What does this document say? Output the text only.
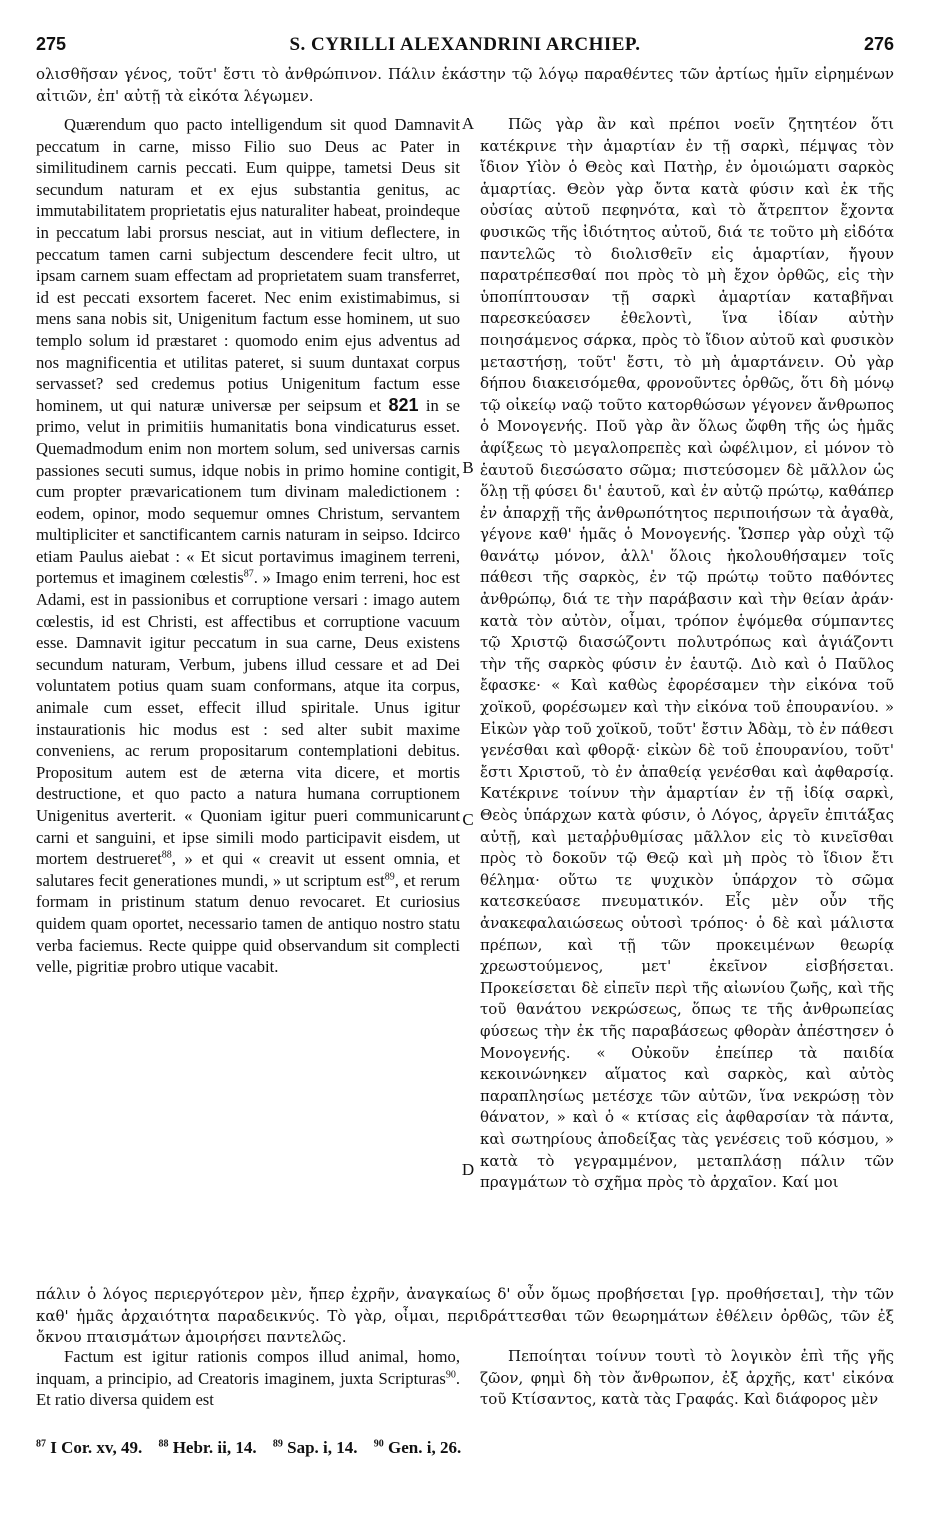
275	S. CYRILLI ALEXANDRINI ARCHIEP.	276
ολισθῆσαν γένος, τοῦτ' ἔστι τὸ ἀνθρώπινον. Πάλιν ἑκάστην τῷ λόγῳ παραθέντες τῶν ἀρτίως ἡμῖν εἰρημένων αἰτιῶν, ἐπ' αὐτῇ τὰ εἰκότα λέγωμεν.

Quærendum quo pacto intelligendum sit quod Damnavit peccatum in carne, misso Filio suo Deus ac Pater in similitudinem carnis peccati. Eum quippe, tametsi Deus sit secundum naturam et ex ejus substantia genitus, ac immutabilitatem proprietatis ejus naturaliter habeat, proindeque in peccatum labi prorsus nesciat, aut in vitium deflectere, in peccatum tamen carni subjectum descendere fecit ultro, ut ipsam carnem suam effectam ad proprietatem suam transferret, id est peccati exsortem faceret. Nec enim existimabimus, si mens sana nobis sit, Unigenitum factum esse hominem, ut suo templo solum id præstaret : quomodo enim ejus adventus ad nos magnificentia et utilitas pateret, si suum duntaxat corpus servasset? sed credemus potius Unigenitum factum esse hominem, ut qui naturæ universæ per seipsum et 821 in se primo, velut in primitiis humanitatis bona vindicaturus esset. Quemadmodum enim non mortem solum, sed universas carnis passiones secuti sumus, idque nobis in primo homine contigit, cum propter prævaricationem tum divinam maledictionem : eodem, opinor, modo sequemur omnes Christum, servantem multipliciter et sanctificantem carnis naturam in seipso. Idcirco etiam Paulus aiebat : « Et sicut portavimus imaginem terreni, portemus et imaginem cœlestis$^{87}$. » Imago enim terreni, hoc est Adami, est in passionibus et corruptione versari : imago autem cœlestis, id est Christi, est affectibus et corruptione vacuum esse. Damnavit igitur peccatum in sua carne, Deus existens secundum naturam, Verbum, jubens illud cessare et ad Dei voluntatem potius quam suam conformans, atque ita corpus, animale cum esset, effecit illud spiritale. Unus igitur instaurationis hic modus est : sed alter subit maxime conveniens, ac rerum propositarum contemplationi debitus. Propositum autem est de æterna vita dicere, et mortis destructione, et quo pacto a natura humana corruptionem Unigenitus averterit. « Quoniam igitur pueri communicarunt carni et sanguini, et ipse simili modo participavit eisdem, ut mortem destrueret$^{88}$, » et qui « creavit ut essent omnia, et salutares fecit generationes mundi, » ut scriptum est$^{89}$, et rerum formam in pristinum statum denuo revocaret. Et curiosius quidem quam oportet, necessario tamen de antiquo nostro statu verba faciemus. Recte quippe quid observandum sit complecti velle, pigritiæ probro utique vacabit.

Πῶς γὰρ ἂν καὶ πρέποι νοεῖν ζητητέον ὅτι κατέκρινε τὴν ἁμαρτίαν ἐν τῇ σαρκὶ, πέμψας τὸν ἴδιον Υἱὸν ὁ Θεὸς καὶ Πατὴρ, ἐν ὁμοιώματι σαρκὸς ἁμαρτίας. Θεὸν γὰρ ὄντα κατὰ φύσιν καὶ ἐκ τῆς οὐσίας αὐτοῦ πεφηνότα, καὶ τὸ ἄτρεπτον ἔχοντα φυσικῶς τῆς ἰδιότητος αὐτοῦ, διά τε τοῦτο μὴ εἰδότα παντελῶς τὸ διολισθεῖν εἰς ἁμαρτίαν, ἤγουν παρατρέπεσθαί ποι πρὸς τὸ μὴ ἔχον ὀρθῶς, εἰς τὴν ὑποπίπτουσαν τῇ σαρκὶ ἁμαρτίαν καταβῆναι παρεσκεύασεν ἐθελοντὶ, ἵνα ἰδίαν αὐτὴν ποιησάμενος σάρκα, πρὸς τὸ ἴδιον αὐτοῦ καὶ φυσικὸν μεταστήσῃ, τοῦτ' ἔστι, τὸ μὴ ἁμαρτάνειν. Οὐ γὰρ δήπου διακεισόμεθα, φρονοῦντες ὀρθῶς, ὅτι δὴ μόνῳ τῷ οἰκείῳ ναῷ τοῦτο κατορθώσων γέγονεν ἄνθρωπος ὁ Μονογενής. Ποῦ γὰρ ἂν ὅλως ὤφθη τῆς ὡς ἡμᾶς ἀφίξεως τὸ μεγαλοπρεπὲς καὶ ὠφέλιμον, εἰ μόνον τὸ ἑαυτοῦ διεσώσατο σῶμα; πιστεύσομεν δὲ μᾶλλον ὡς ὅλῃ τῇ φύσει δι' ἑαυτοῦ, καὶ ἐν αὐτῷ πρώτῳ, καθάπερ ἐν ἀπαρχῇ τῆς ἀνθρωπότητος περιποιήσων τὰ ἀγαθὰ, γέγονε καθ' ἡμᾶς ὁ Μονογενής. Ὥσπερ γὰρ οὐχὶ τῷ θανάτῳ μόνον, ἀλλ' ὅλοις ἠκολουθήσαμεν τοῖς πάθεσι τῆς σαρκὸς, ἐν τῷ πρώτῳ τοῦτο παθόντες ἀνθρώπῳ, διά τε τὴν παράβασιν καὶ τὴν θείαν ἀράν· κατὰ τὸν αὐτὸν, οἶμαι, τρόπον ἑψόμεθα σύμπαντες τῷ Χριστῷ διασώζοντι πολυτρόπως καὶ ἁγιάζοντι τὴν τῆς σαρκὸς φύσιν ἐν ἑαυτῷ. Διὸ καὶ ὁ Παῦλος ἔφασκε· « Καὶ καθὼς ἐφορέσαμεν τὴν εἰκόνα τοῦ χοϊκοῦ, φορέσωμεν καὶ τὴν εἰκόνα τοῦ ἐπουρανίου. » Εἰκὼν γὰρ τοῦ χοϊκοῦ, τοῦτ' ἔστιν Ἀδὰμ, τὸ ἐν πάθεσι γενέσθαι καὶ φθορᾷ· εἰκὼν δὲ τοῦ ἐπουρανίου, τοῦτ' ἔστι Χριστοῦ, τὸ ἐν ἀπαθείᾳ γενέσθαι καὶ ἀφθαρσίᾳ. Κατέκρινε τοίνυν τὴν ἁμαρτίαν ἐν τῇ ἰδίᾳ σαρκὶ, Θεὸς ὑπάρχων κατὰ φύσιν, ὁ Λόγος, ἀργεῖν ἐπιτάξας αὐτῇ, καὶ μεταῤῥυθμίσας μᾶλλον εἰς τὸ κινεῖσθαι πρὸς τὸ δοκοῦν τῷ Θεῷ καὶ μὴ πρὸς τὸ ἴδιον ἔτι θέλημα· οὕτω τε ψυχικὸν ὑπάρχον τὸ σῶμα κατεσκεύασε πνευματικόν. Εἷς μὲν οὖν τῆς ἀνακεφαλαιώσεως οὑτοσὶ τρόπος· ὁ δὲ καὶ μάλιστα πρέπων, καὶ τῇ τῶν προκειμένων θεωρίᾳ χρεωστούμενος, μετ' ἐκεῖνον εἰσβήσεται. Προκείσεται δὲ εἰπεῖν περὶ τῆς αἰωνίου ζωῆς, καὶ τῆς τοῦ θανάτου νεκρώσεως, ὅπως τε τῆς ἀνθρωπείας φύσεως τὴν ἐκ τῆς παραβάσεως φθορὰν ἀπέστησεν ὁ Μονογενής. « Οὐκοῦν ἐπείπερ τὰ παιδία κεκοινώνηκεν αἵματος καὶ σαρκὸς, καὶ αὐτὸς παραπλησίως μετέσχε τῶν αὐτῶν, ἵνα νεκρώσῃ τὸν θάνατον, » καὶ ὁ « κτίσας εἰς ἀφθαρσίαν τὰ πάντα, καὶ σωτηρίους ἀποδείξας τὰς γενέσεις τοῦ κόσμου, » κατὰ τὸ γεγραμμένον, μεταπλάσῃ πάλιν τῶν πραγμάτων τὸ σχῆμα πρὸς τὸ ἀρχαῖον. Καί μοι

A
B
C
D
πάλιν ὁ λόγος περιεργότερον μὲν, ἤπερ ἐχρῆν, ἀναγκαίως δ' οὖν ὅμως προβήσεται [γρ. προθήσεται], τὴν τῶν καθ' ἡμᾶς ἀρχαιότητα παραδεικνύς. Τὸ γὰρ, οἶμαι, περιδράττεσθαι τῶν θεωρημάτων ἐθέλειν ὀρθῶς, τῶν ἐξ ὄκνου πταισμάτων ἀμοιρήσει παντελῶς.

Factum est igitur rationis compos illud animal, homo, inquam, a principio, ad Creatoris imaginem, juxta Scripturas$^{90}$. Et ratio diversa quidem est

Πεποίηται τοίνυν τουτὶ τὸ λογικὸν ἐπὶ τῆς γῆς ζῶον, φημὶ δὴ τὸν ἄνθρωπον, ἐξ ἀρχῆς, κατ' εἰκόνα τοῦ Κτίσαντος, κατὰ τὰς Γραφάς. Καὶ διάφορος μὲν

$^{87}$ I Cor. xv, 49. $^{88}$ Hebr. ii, 14. $^{89}$ Sap. i, 14. $^{90}$ Gen. i, 26.
